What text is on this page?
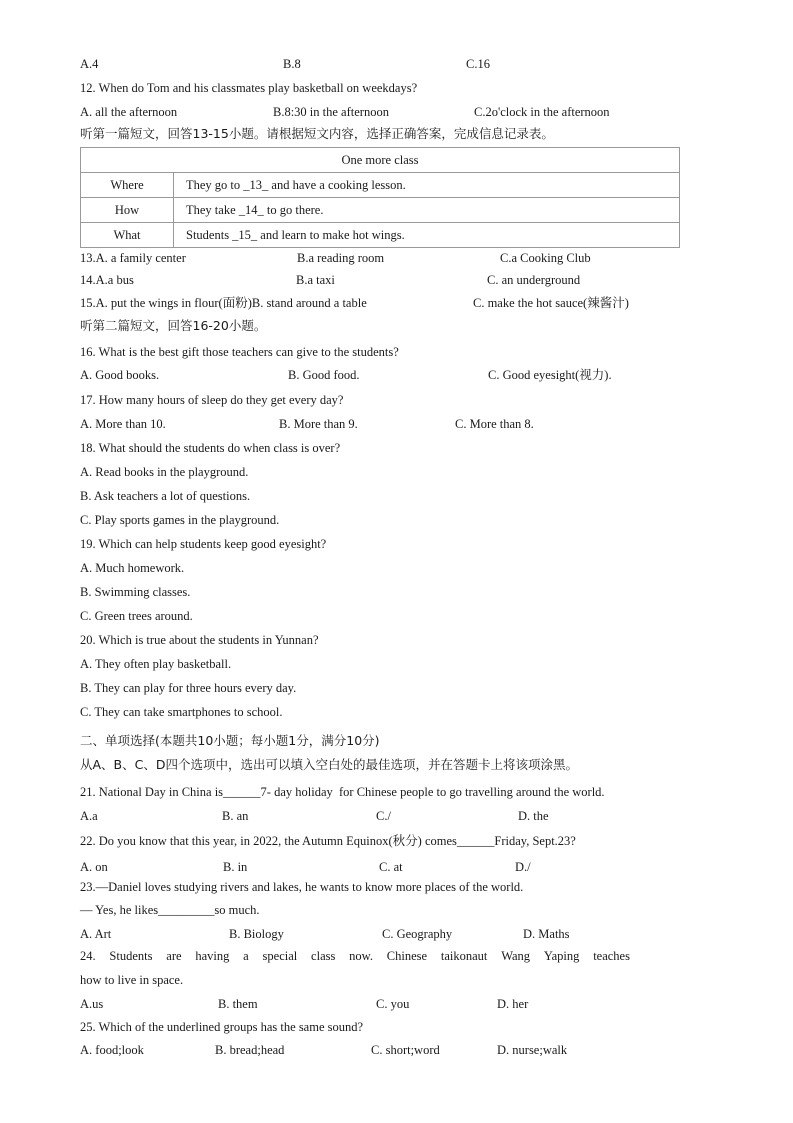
A.4	B.8	C.16
12. When do Tom and his classmates play basketball on weekdays?
A. all the afternoon	B.8:30 in the afternoon	C.2o'clock in the afternoon
听第一篇短文，回答13-15小题。请根据短文内容，选择正确答案，完成信息记录表。
One more class	
Where	They go to _13_ and have a cooking lesson.
How	They take _14_ to go there.
What	Students _15_ and learn to make hot wings.
13.A. a family center	B.a reading room	C.a Cooking Club
14.A.a bus	B.a taxi	C. an underground
15.A. put the wings in flour(面粉)B. stand around a table	C. make the hot sauce(辣酱汁)
听第二篇短文，回答16-20小题。
16. What is the best gift those teachers can give to the students?
A. Good books.	B. Good food.	C. Good eyesight(视力).
17. How many hours of sleep do they get every day?
A. More than 10.	B. More than 9.	C. More than 8.
18. What should the students do when class is over?
A. Read books in the playground.
B. Ask teachers a lot of questions.
C. Play sports games in the playground.
19. Which can help students keep good eyesight?
A. Much homework.
B. Swimming classes.
C. Green trees around.
20. Which is true about the students in Yunnan?
A. They often play basketball.
B. They can play for three hours every day.
C. They can take smartphones to school.
二、单项选择(本题共10小题；每小题1分，满分10分)
从A、B、C、D四个选项中，选出可以填入空白处的最佳选项，并在答题卡上将该项涂黑。
21. National Day in China is______7- day holiday  for Chinese people to go travelling around the world.
A.a	B. an	C./	D. the
22. Do you know that this year, in 2022, the Autumn Equinox(秋分) comes______Friday, Sept.23?
A. on	B. in	C. at	D./
23.—Daniel loves studying rivers and lakes, he wants to know more places of the world.
— Yes, he likes_________so much.
A. Art	B. Biology	C. Geography	D. Maths
24. Students are having a special class now. Chinese taikonaut Wang Yaping teaches
how to live in space.
A.us	B. them	C. you	D. her
25. Which of the underlined groups has the same sound?
A. food;look	B. bread;head	C. short;word	D. nurse;walk
